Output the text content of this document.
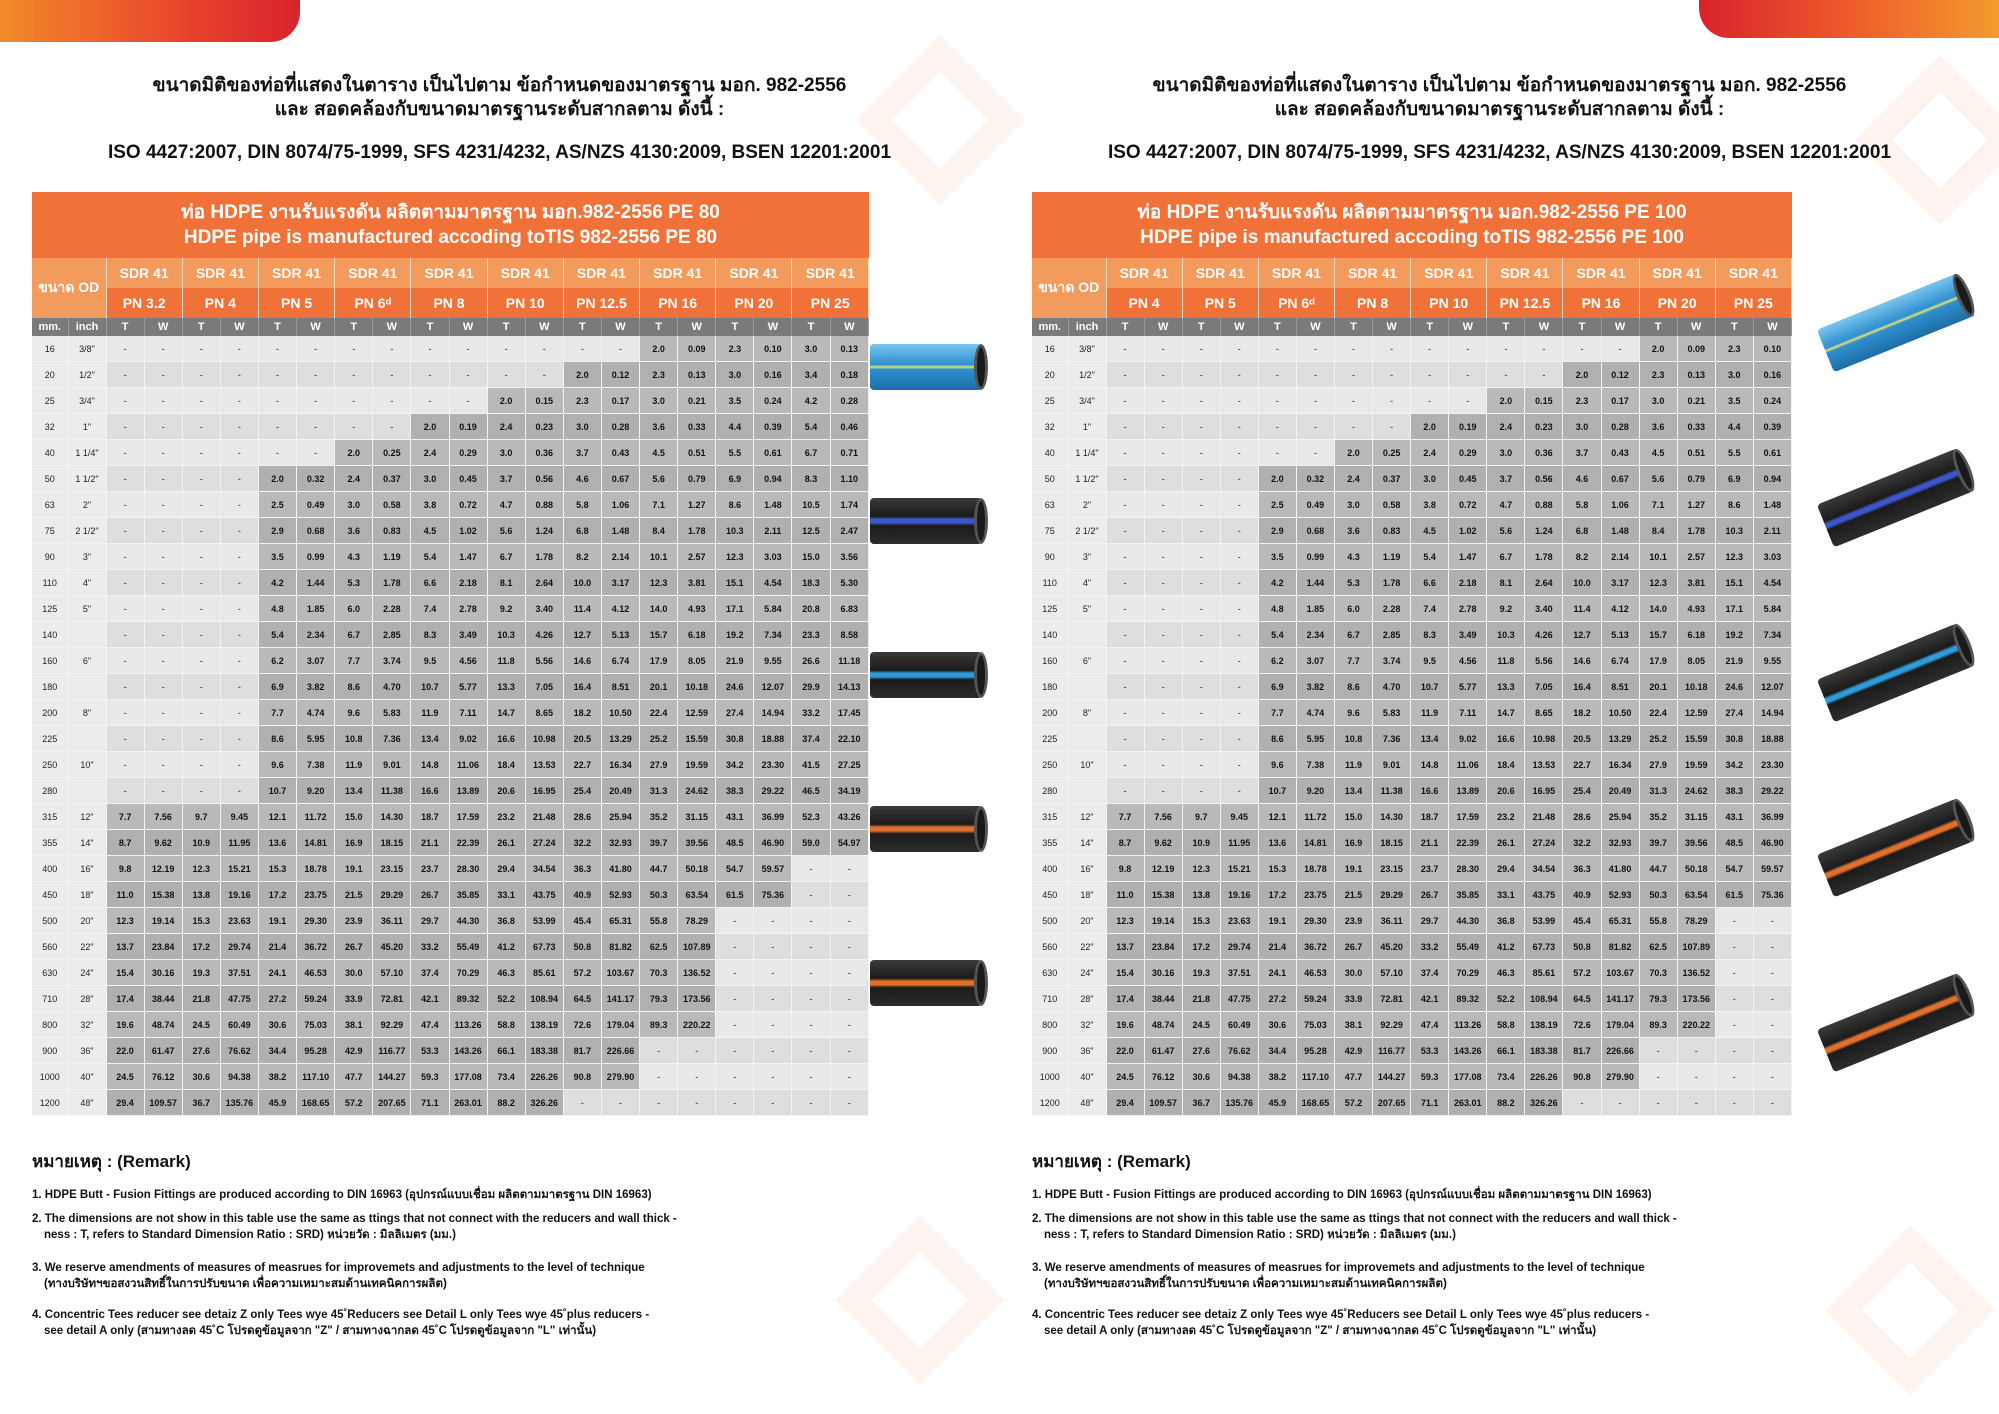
ขนาดมิติของท่อที่แสดงในตาราง เป็นไปตาม ข้อกำหนดของมาตรฐาน มอก. 982-2556
และ สอดคล้องกับขนาดมาตรฐานระดับสากลตาม ดังนี้ :
ISO 4427:2007, DIN 8074/75-1999, SFS 4231/4232, AS/NZS 4130:2009, BSEN 12201:2001
ท่อ HDPE งานรับแรงดัน ผลิตตามมาตรฐาน มอก.982-2556 PE 80
HDPE pipe is manufactured accoding toTIS 982-2556 PE 80
ขนาด OD		SDR 41		SDR 41		SDR 41		SDR 41		SDR 41		SDR 41		SDR 41		SDR 41		SDR 41		SDR 41	
		PN 3.2		PN 4		PN 5		PN 6ᵈ		PN 8		PN 10		PN 12.5		PN 16		PN 20		PN 25	
mm.	inch	T	W	T	W	T	W	T	W	T	W	T	W	T	W	T	W	T	W	T	W
16	3/8"	-	-	-	-	-	-	-	-	-	-	-	-	-	-	2.0	0.09	2.3	0.10	3.0	0.13
20	1/2"	-	-	-	-	-	-	-	-	-	-	-	-	2.0	0.12	2.3	0.13	3.0	0.16	3.4	0.18
25	3/4"	-	-	-	-	-	-	-	-	-	-	2.0	0.15	2.3	0.17	3.0	0.21	3.5	0.24	4.2	0.28
32	1"	-	-	-	-	-	-	-	-	2.0	0.19	2.4	0.23	3.0	0.28	3.6	0.33	4.4	0.39	5.4	0.46
40	1 1/4"	-	-	-	-	-	-	2.0	0.25	2.4	0.29	3.0	0.36	3.7	0.43	4.5	0.51	5.5	0.61	6.7	0.71
50	1 1/2"	-	-	-	-	2.0	0.32	2.4	0.37	3.0	0.45	3.7	0.56	4.6	0.67	5.6	0.79	6.9	0.94	8.3	1.10
63	2"	-	-	-	-	2.5	0.49	3.0	0.58	3.8	0.72	4.7	0.88	5.8	1.06	7.1	1.27	8.6	1.48	10.5	1.74
75	2 1/2"	-	-	-	-	2.9	0.68	3.6	0.83	4.5	1.02	5.6	1.24	6.8	1.48	8.4	1.78	10.3	2.11	12.5	2.47
90	3"	-	-	-	-	3.5	0.99	4.3	1.19	5.4	1.47	6.7	1.78	8.2	2.14	10.1	2.57	12.3	3.03	15.0	3.56
110	4"	-	-	-	-	4.2	1.44	5.3	1.78	6.6	2.18	8.1	2.64	10.0	3.17	12.3	3.81	15.1	4.54	18.3	5.30
125	5"	-	-	-	-	4.8	1.85	6.0	2.28	7.4	2.78	9.2	3.40	11.4	4.12	14.0	4.93	17.1	5.84	20.8	6.83
140		-	-	-	-	5.4	2.34	6.7	2.85	8.3	3.49	10.3	4.26	12.7	5.13	15.7	6.18	19.2	7.34	23.3	8.58
160	6"	-	-	-	-	6.2	3.07	7.7	3.74	9.5	4.56	11.8	5.56	14.6	6.74	17.9	8.05	21.9	9.55	26.6	11.18
180		-	-	-	-	6.9	3.82	8.6	4.70	10.7	5.77	13.3	7.05	16.4	8.51	20.1	10.18	24.6	12.07	29.9	14.13
200	8"	-	-	-	-	7.7	4.74	9.6	5.83	11.9	7.11	14.7	8.65	18.2	10.50	22.4	12.59	27.4	14.94	33.2	17.45
225		-	-	-	-	8.6	5.95	10.8	7.36	13.4	9.02	16.6	10.98	20.5	13.29	25.2	15.59	30.8	18.88	37.4	22.10
250	10"	-	-	-	-	9.6	7.38	11.9	9.01	14.8	11.06	18.4	13.53	22.7	16.34	27.9	19.59	34.2	23.30	41.5	27.25
280		-	-	-	-	10.7	9.20	13.4	11.38	16.6	13.89	20.6	16.95	25.4	20.49	31.3	24.62	38.3	29.22	46.5	34.19
315	12"	7.7	7.56	9.7	9.45	12.1	11.72	15.0	14.30	18.7	17.59	23.2	21.48	28.6	25.94	35.2	31.15	43.1	36.99	52.3	43.26
355	14"	8.7	9.62	10.9	11.95	13.6	14.81	16.9	18.15	21.1	22.39	26.1	27.24	32.2	32.93	39.7	39.56	48.5	46.90	59.0	54.97
400	16"	9.8	12.19	12.3	15.21	15.3	18.78	19.1	23.15	23.7	28.30	29.4	34.54	36.3	41.80	44.7	50.18	54.7	59.57	-	-
450	18"	11.0	15.38	13.8	19.16	17.2	23.75	21.5	29.29	26.7	35.85	33.1	43.75	40.9	52.93	50.3	63.54	61.5	75.36	-	-
500	20"	12.3	19.14	15.3	23.63	19.1	29.30	23.9	36.11	29.7	44.30	36.8	53.99	45.4	65.31	55.8	78.29	-	-	-	-
560	22"	13.7	23.84	17.2	29.74	21.4	36.72	26.7	45.20	33.2	55.49	41.2	67.73	50.8	81.82	62.5	107.89	-	-	-	-
630	24"	15.4	30.16	19.3	37.51	24.1	46.53	30.0	57.10	37.4	70.29	46.3	85.61	57.2	103.67	70.3	136.52	-	-	-	-
710	28"	17.4	38.44	21.8	47.75	27.2	59.24	33.9	72.81	42.1	89.32	52.2	108.94	64.5	141.17	79.3	173.56	-	-	-	-
800	32"	19.6	48.74	24.5	60.49	30.6	75.03	38.1	92.29	47.4	113.26	58.8	138.19	72.6	179.04	89.3	220.22	-	-	-	-
900	36"	22.0	61.47	27.6	76.62	34.4	95.28	42.9	116.77	53.3	143.26	66.1	183.38	81.7	226.66	-	-	-	-	-	-
1000	40"	24.5	76.12	30.6	94.38	38.2	117.10	47.7	144.27	59.3	177.08	73.4	226.26	90.8	279.90	-	-	-	-	-	-
1200	48"	29.4	109.57	36.7	135.76	45.9	168.65	57.2	207.65	71.1	263.01	88.2	326.26	-	-	-	-	-	-	-	-
หมายเหตุ : (Remark)
1. HDPE Butt - Fusion Fittings are produced according to DIN 16963 (อุปกรณ์แบบเชื่อม ผลิตตามมาตรฐาน DIN 16963)
2. The dimensions are not show in this table use the same as ttings that not connect with the reducers and wall thick -
ness : T, refers to Standard Dimension Ratio : SRD) หน่วยวัด : มิลลิเมตร (มม.)
3. We reserve amendments of measures of measrues for improvemets and adjustments to the level of technique
(ทางบริษัทฯขอสงวนสิทธิ์ในการปรับขนาด เพื่อความเหมาะสมด้านเทคนิคการผลิต)
4. Concentric Tees reducer see detaiz Z only Tees wye 45˚Reducers see Detail L only Tees wye 45˚plus reducers -
see detail A only (สามทางลด 45˚C โปรดดูข้อมูลจาก "Z" / สามทางฉากลด 45˚C โปรดดูข้อมูลจาก "L" เท่านั้น)
ขนาดมิติของท่อที่แสดงในตาราง เป็นไปตาม ข้อกำหนดของมาตรฐาน มอก. 982-2556
และ สอดคล้องกับขนาดมาตรฐานระดับสากลตาม ดังนี้ :
ISO 4427:2007, DIN 8074/75-1999, SFS 4231/4232, AS/NZS 4130:2009, BSEN 12201:2001
ท่อ HDPE งานรับแรงดัน ผลิตตามมาตรฐาน มอก.982-2556 PE 100
HDPE pipe is manufactured accoding toTIS 982-2556 PE 100
ขนาด OD		SDR 41		SDR 41		SDR 41		SDR 41		SDR 41		SDR 41		SDR 41		SDR 41		SDR 41	
		PN 4		PN 5		PN 6ᵈ		PN 8		PN 10		PN 12.5		PN 16		PN 20		PN 25	
mm.	inch	T	W	T	W	T	W	T	W	T	W	T	W	T	W	T	W	T	W
16	3/8"	-	-	-	-	-	-	-	-	-	-	-	-	-	-	2.0	0.09	2.3	0.10
20	1/2"	-	-	-	-	-	-	-	-	-	-	-	-	2.0	0.12	2.3	0.13	3.0	0.16
25	3/4"	-	-	-	-	-	-	-	-	-	-	2.0	0.15	2.3	0.17	3.0	0.21	3.5	0.24
32	1"	-	-	-	-	-	-	-	-	2.0	0.19	2.4	0.23	3.0	0.28	3.6	0.33	4.4	0.39
40	1 1/4"	-	-	-	-	-	-	2.0	0.25	2.4	0.29	3.0	0.36	3.7	0.43	4.5	0.51	5.5	0.61
50	1 1/2"	-	-	-	-	2.0	0.32	2.4	0.37	3.0	0.45	3.7	0.56	4.6	0.67	5.6	0.79	6.9	0.94
63	2"	-	-	-	-	2.5	0.49	3.0	0.58	3.8	0.72	4.7	0.88	5.8	1.06	7.1	1.27	8.6	1.48
75	2 1/2"	-	-	-	-	2.9	0.68	3.6	0.83	4.5	1.02	5.6	1.24	6.8	1.48	8.4	1.78	10.3	2.11
90	3"	-	-	-	-	3.5	0.99	4.3	1.19	5.4	1.47	6.7	1.78	8.2	2.14	10.1	2.57	12.3	3.03
110	4"	-	-	-	-	4.2	1.44	5.3	1.78	6.6	2.18	8.1	2.64	10.0	3.17	12.3	3.81	15.1	4.54
125	5"	-	-	-	-	4.8	1.85	6.0	2.28	7.4	2.78	9.2	3.40	11.4	4.12	14.0	4.93	17.1	5.84
140		-	-	-	-	5.4	2.34	6.7	2.85	8.3	3.49	10.3	4.26	12.7	5.13	15.7	6.18	19.2	7.34
160	6"	-	-	-	-	6.2	3.07	7.7	3.74	9.5	4.56	11.8	5.56	14.6	6.74	17.9	8.05	21.9	9.55
180		-	-	-	-	6.9	3.82	8.6	4.70	10.7	5.77	13.3	7.05	16.4	8.51	20.1	10.18	24.6	12.07
200	8"	-	-	-	-	7.7	4.74	9.6	5.83	11.9	7.11	14.7	8.65	18.2	10.50	22.4	12.59	27.4	14.94
225		-	-	-	-	8.6	5.95	10.8	7.36	13.4	9.02	16.6	10.98	20.5	13.29	25.2	15.59	30.8	18.88
250	10"	-	-	-	-	9.6	7.38	11.9	9.01	14.8	11.06	18.4	13.53	22.7	16.34	27.9	19.59	34.2	23.30
280		-	-	-	-	10.7	9.20	13.4	11.38	16.6	13.89	20.6	16.95	25.4	20.49	31.3	24.62	38.3	29.22
315	12"	7.7	7.56	9.7	9.45	12.1	11.72	15.0	14.30	18.7	17.59	23.2	21.48	28.6	25.94	35.2	31.15	43.1	36.99
355	14"	8.7	9.62	10.9	11.95	13.6	14.81	16.9	18.15	21.1	22.39	26.1	27.24	32.2	32.93	39.7	39.56	48.5	46.90
400	16"	9.8	12.19	12.3	15.21	15.3	18.78	19.1	23.15	23.7	28.30	29.4	34.54	36.3	41.80	44.7	50.18	54.7	59.57
450	18"	11.0	15.38	13.8	19.16	17.2	23.75	21.5	29.29	26.7	35.85	33.1	43.75	40.9	52.93	50.3	63.54	61.5	75.36
500	20"	12.3	19.14	15.3	23.63	19.1	29.30	23.9	36.11	29.7	44.30	36.8	53.99	45.4	65.31	55.8	78.29	-	-
560	22"	13.7	23.84	17.2	29.74	21.4	36.72	26.7	45.20	33.2	55.49	41.2	67.73	50.8	81.82	62.5	107.89	-	-
630	24"	15.4	30.16	19.3	37.51	24.1	46.53	30.0	57.10	37.4	70.29	46.3	85.61	57.2	103.67	70.3	136.52	-	-
710	28"	17.4	38.44	21.8	47.75	27.2	59.24	33.9	72.81	42.1	89.32	52.2	108.94	64.5	141.17	79.3	173.56	-	-
800	32"	19.6	48.74	24.5	60.49	30.6	75.03	38.1	92.29	47.4	113.26	58.8	138.19	72.6	179.04	89.3	220.22	-	-
900	36"	22.0	61.47	27.6	76.62	34.4	95.28	42.9	116.77	53.3	143.26	66.1	183.38	81.7	226.66	-	-	-	-
1000	40"	24.5	76.12	30.6	94.38	38.2	117.10	47.7	144.27	59.3	177.08	73.4	226.26	90.8	279.90	-	-	-	-
1200	48"	29.4	109.57	36.7	135.76	45.9	168.65	57.2	207.65	71.1	263.01	88.2	326.26	-	-	-	-	-	-
หมายเหตุ : (Remark)
1. HDPE Butt - Fusion Fittings are produced according to DIN 16963 (อุปกรณ์แบบเชื่อม ผลิตตามมาตรฐาน DIN 16963)
2. The dimensions are not show in this table use the same as ttings that not connect with the reducers and wall thick -
ness : T, refers to Standard Dimension Ratio : SRD) หน่วยวัด : มิลลิเมตร (มม.)
3. We reserve amendments of measures of measrues for improvemets and adjustments to the level of technique
(ทางบริษัทฯขอสงวนสิทธิ์ในการปรับขนาด เพื่อความเหมาะสมด้านเทคนิคการผลิต)
4. Concentric Tees reducer see detaiz Z only Tees wye 45˚Reducers see Detail L only Tees wye 45˚plus reducers -
see detail A only (สามทางลด 45˚C โปรดดูข้อมูลจาก "Z" / สามทางฉากลด 45˚C โปรดดูข้อมูลจาก "L" เท่านั้น)
